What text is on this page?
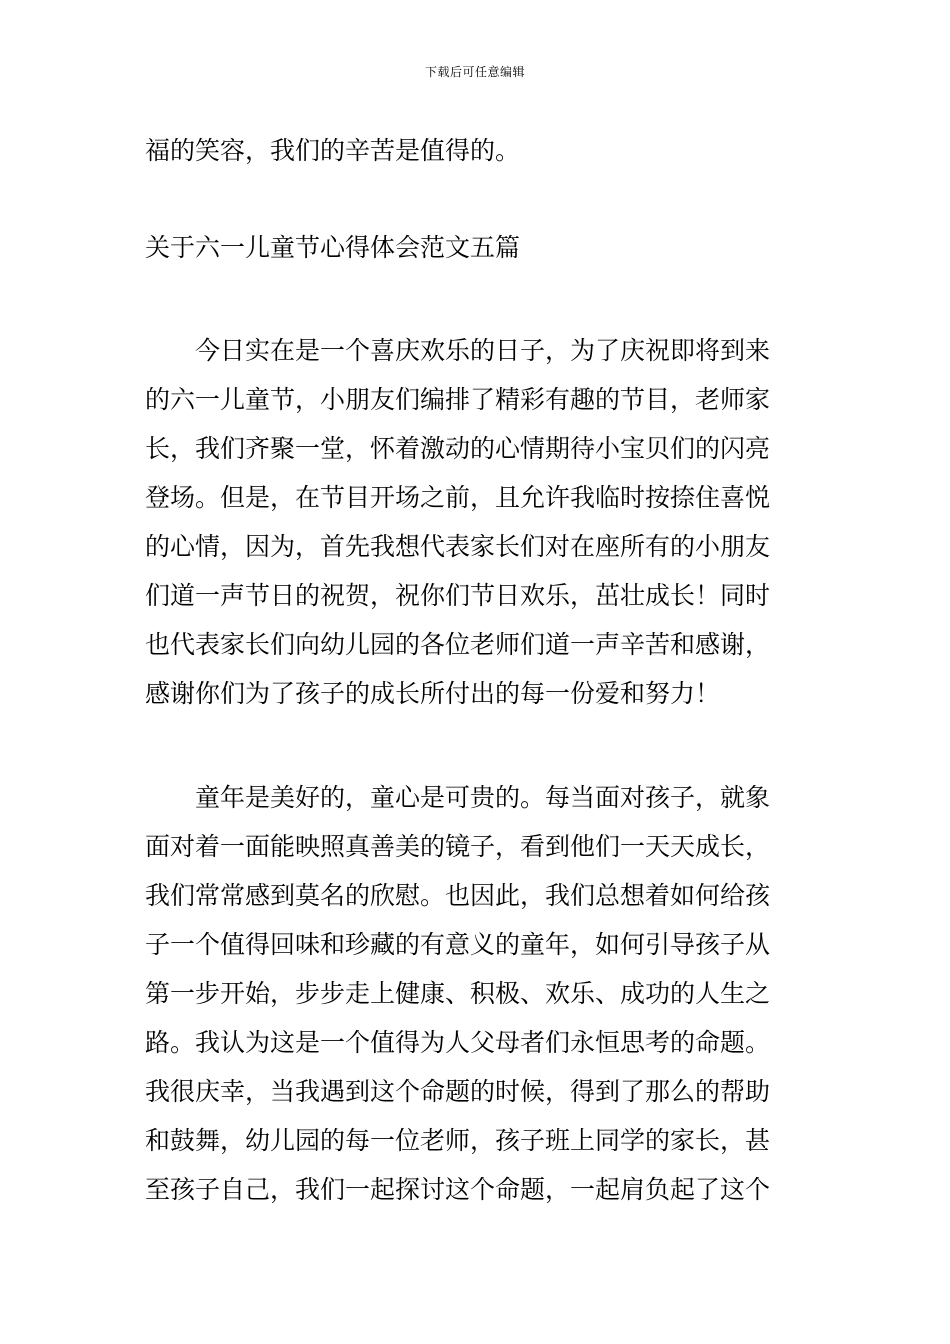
下载后可任意编辑

福的笑容，我们的辛苦是值得的。

关于六一儿童节心得体会范文五篇

　　今日实在是一个喜庆欢乐的日子，为了庆祝即将到来

的六一儿童节，小朋友们编排了精彩有趣的节目，老师家

长，我们齐聚一堂，怀着激动的心情期待小宝贝们的闪亮

登场。但是，在节目开场之前，且允许我临时按捺住喜悦

的心情，因为，首先我想代表家长们对在座所有的小朋友

们道一声节日的祝贺，祝你们节日欢乐，茁壮成长！同时

也代表家长们向幼儿园的各位老师们道一声辛苦和感谢，

感谢你们为了孩子的成长所付出的每一份爱和努力！

　　童年是美好的，童心是可贵的。每当面对孩子，就象

面对着一面能映照真善美的镜子，看到他们一天天成长，

我们常常感到莫名的欣慰。也因此，我们总想着如何给孩

子一个值得回味和珍藏的有意义的童年，如何引导孩子从

第一步开始，步步走上健康、积极、欢乐、成功的人生之

路。我认为这是一个值得为人父母者们永恒思考的命题。

我很庆幸，当我遇到这个命题的时候，得到了那么的帮助

和鼓舞，幼儿园的每一位老师，孩子班上同学的家长，甚

至孩子自己，我们一起探讨这个命题，一起肩负起了这个
